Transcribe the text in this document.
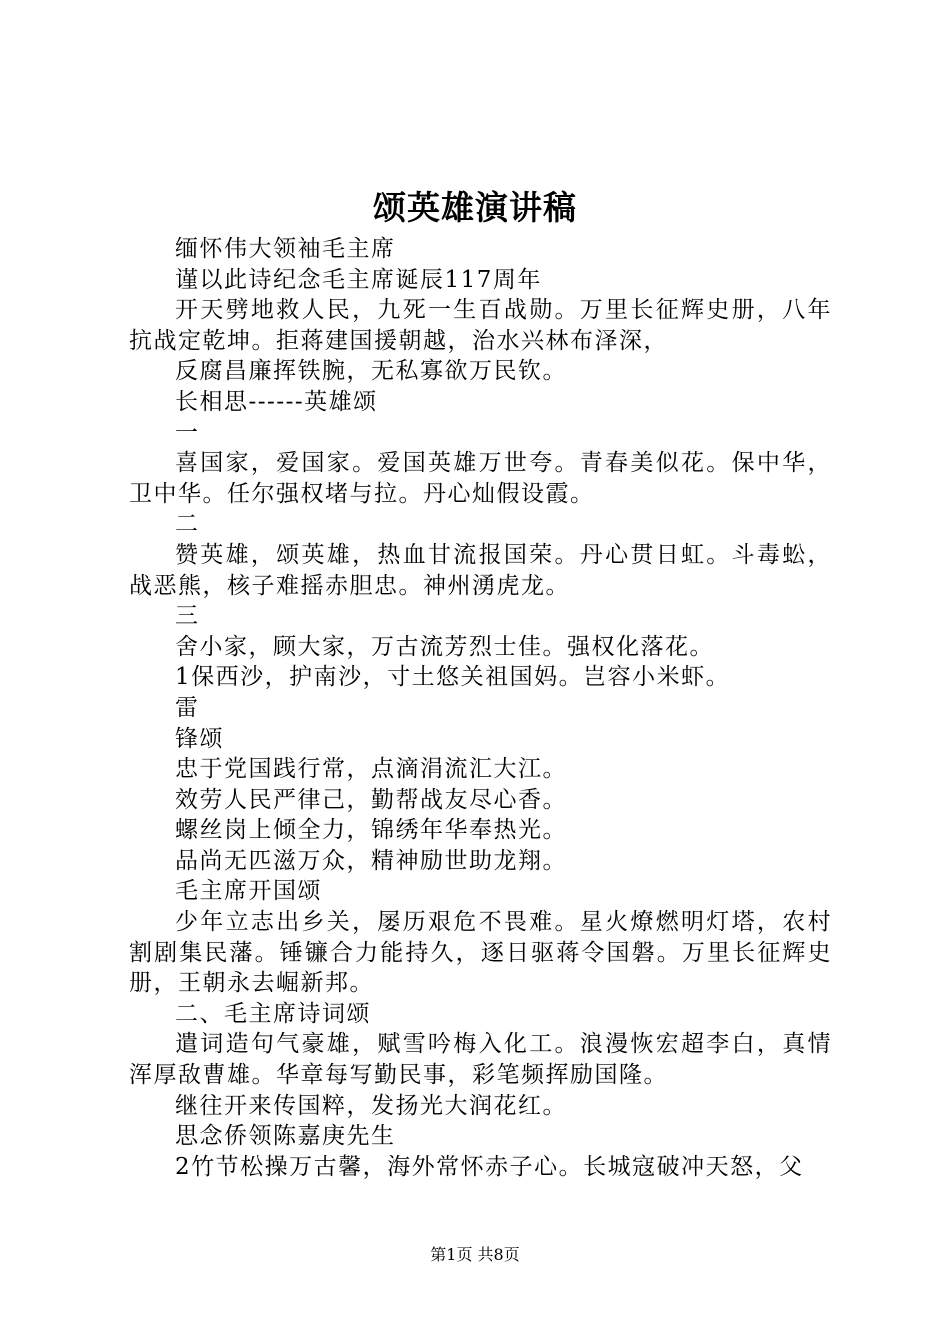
颂英雄演讲稿

缅怀伟大领袖毛主席

谨以此诗纪念毛主席诞辰117周年

开天劈地救人民，九死一生百战勋。万里长征辉史册，八年抗战定乾坤。拒蒋建国援朝越，治水兴林布泽深，

反腐昌廉挥铁腕，无私寡欲万民钦。

长相思------英雄颂

一

喜国家，爱国家。爱国英雄万世夸。青春美似花。保中华，卫中华。任尔强权堵与拉。丹心灿假设霞。

二

赞英雄，颂英雄，热血甘流报国荣。丹心贯日虹。斗毒蚣，战恶熊，核子难摇赤胆忠。神州湧虎龙。

三

舍小家，顾大家，万古流芳烈士佳。强权化落花。

1保西沙，护南沙，寸土悠关祖国妈。岂容小米虾。

雷

锋颂

忠于党国践行常，点滴涓流汇大江。

效劳人民严律己，勤帮战友尽心香。

螺丝岗上倾全力，锦绣年华奉热光。

品尚无匹滋万众，精神励世助龙翔。

毛主席开国颂

少年立志出乡关，屡历艰危不畏难。星火燎燃明灯塔，农村割剧集民藩。锤镰合力能持久，逐日驱蒋令国磐。万里长征辉史册，王朝永去崛新邦。

二、毛主席诗词颂

遣词造句气豪雄，赋雪吟梅入化工。浪漫恢宏超李白，真情浑厚敌曹雄。华章每写勤民事，彩笔频挥励国隆。

继往开来传国粹，发扬光大润花红。

思念侨领陈嘉庚先生

2竹节松操万古馨，海外常怀赤子心。长城寇破冲天怒，父

第1页 共8页
